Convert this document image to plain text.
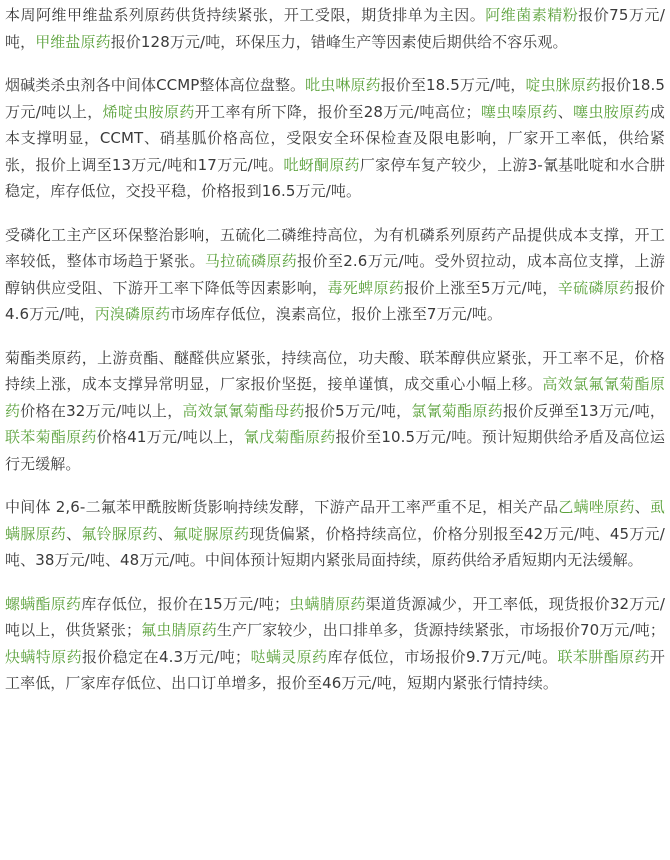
本周阿维甲维盐系列原药供货持续紧张，开工受限，期货排单为主因。阿维菌素精粉报价75万元/吨，甲维盐原药报价128万元/吨，环保压力，错峰生产等因素使后期供给不容乐观。

烟碱类杀虫剂各中间体CCMP整体高位盘整。吡虫啉原药报价至18.5万元/吨，啶虫脒原药报价18.5万元/吨以上，烯啶虫胺原药开工率有所下降，报价至28万元/吨高位；噻虫嗪原药、噻虫胺原药成本支撑明显，CCMT、硝基胍价格高位，受限安全环保检查及限电影响，厂家开工率低，供给紧张，报价上调至13万元/吨和17万元/吨。吡蚜酮原药厂家停车复产较少，上游3-氰基吡啶和水合肼稳定，库存低位，交投平稳，价格报到16.5万元/吨。

受磷化工主产区环保整治影响，五硫化二磷维持高位，为有机磷系列原药产品提供成本支撑，开工率较低，整体市场趋于紧张。马拉硫磷原药报价至2.6万元/吨。受外贸拉动，成本高位支撑，上游醇钠供应受阻、下游开工率下降低等因素影响，毒死蜱原药报价上涨至5万元/吨，辛硫磷原药报价4.6万元/吨，丙溴磷原药市场库存低位，溴素高位，报价上涨至7万元/吨。

菊酯类原药，上游贲酯、醚醛供应紧张，持续高位，功夫酸、联苯醇供应紧张，开工率不足，价格持续上涨，成本支撑异常明显，厂家报价坚挺，接单谨慎，成交重心小幅上移。高效氯氟氰菊酯原药价格在32万元/吨以上，高效氯氰菊酯母药报价5万元/吨，氯氰菊酯原药报价反弹至13万元/吨，联苯菊酯原药价格41万元/吨以上，氰戊菊酯原药报价至10.5万元/吨。预计短期供给矛盾及高位运行无缓解。

中间体 2,6-二氟苯甲酰胺断货影响持续发酵，下游产品开工率严重不足，相关产品乙螨唑原药、虱螨脲原药、氟铃脲原药、氟啶脲原药现货偏紧，价格持续高位，价格分别报至42万元/吨、45万元/吨、38万元/吨、48万元/吨。中间体预计短期内紧张局面持续，原药供给矛盾短期内无法缓解。

螺螨酯原药库存低位，报价在15万元/吨；虫螨腈原药渠道货源减少，开工率低，现货报价32万元/吨以上，供货紧张；氟虫腈原药生产厂家较少，出口排单多，货源持续紧张，市场报价70万元/吨；炔螨特原药报价稳定在4.3万元/吨；哒螨灵原药库存低位，市场报价9.7万元/吨。联苯肼酯原药开工率低，厂家库存低位、出口订单增多，报价至46万元/吨，短期内紧张行情持续。
